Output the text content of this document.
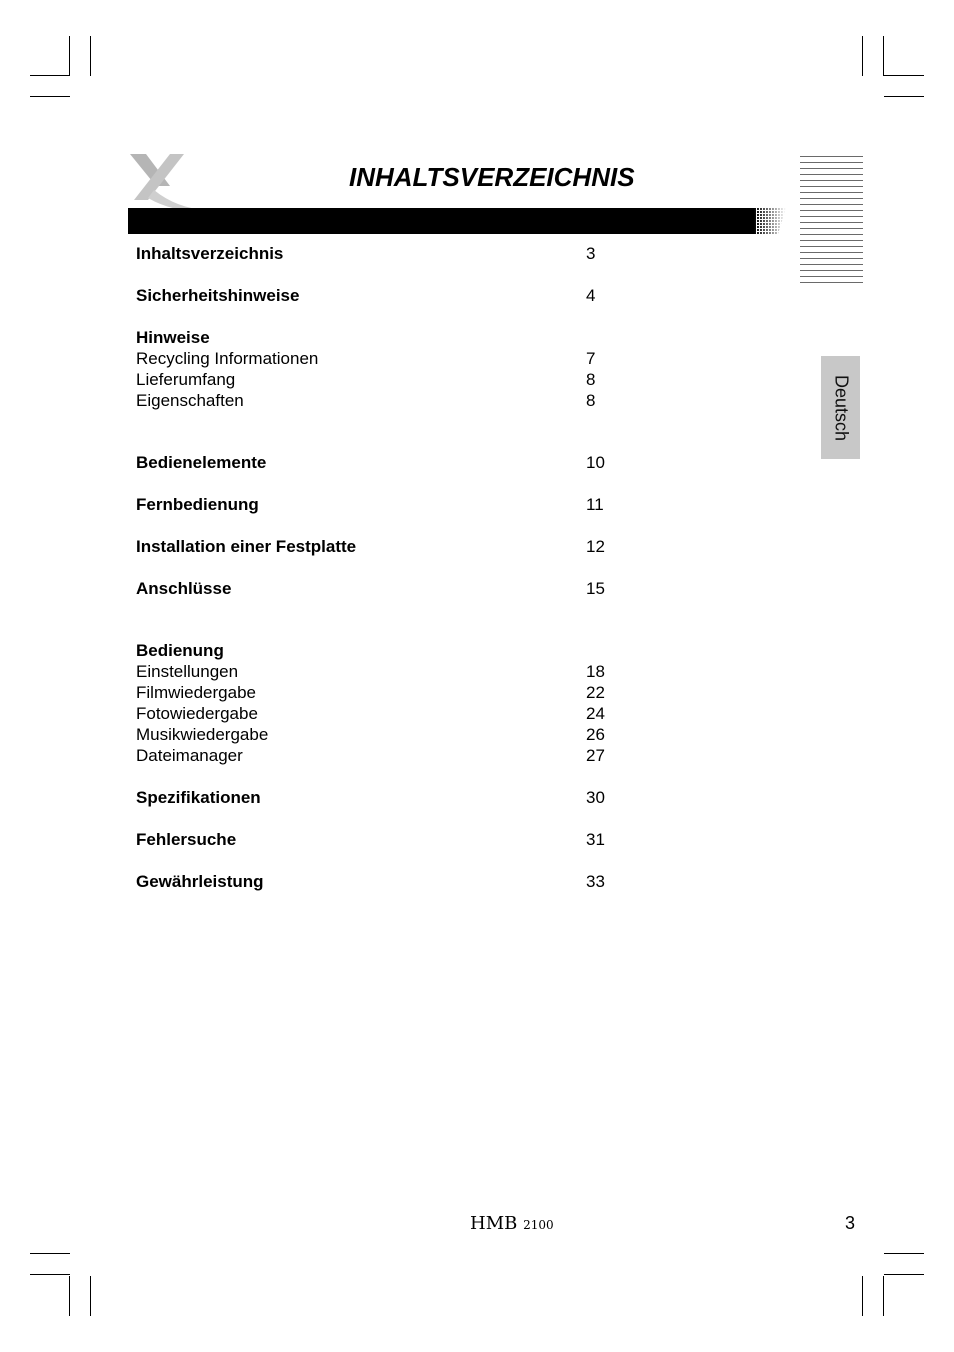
INHALTSVERZEICHNIS
Deutsch
Inhaltsverzeichnis	3
Sicherheitshinweise	4
Hinweise
Recycling Informationen	7
Lieferumfang	8
Eigenschaften	8
Bedienelemente	10
Fernbedienung	11
Installation einer Festplatte	12
Anschlüsse	15
Bedienung
Einstellungen	18
Filmwiedergabe	22
Fotowiedergabe	24
Musikwiedergabe	26
Dateimanager	27
Spezifikationen	30
Fehlersuche	31
Gewährleistung	33
HMB 2100	3
